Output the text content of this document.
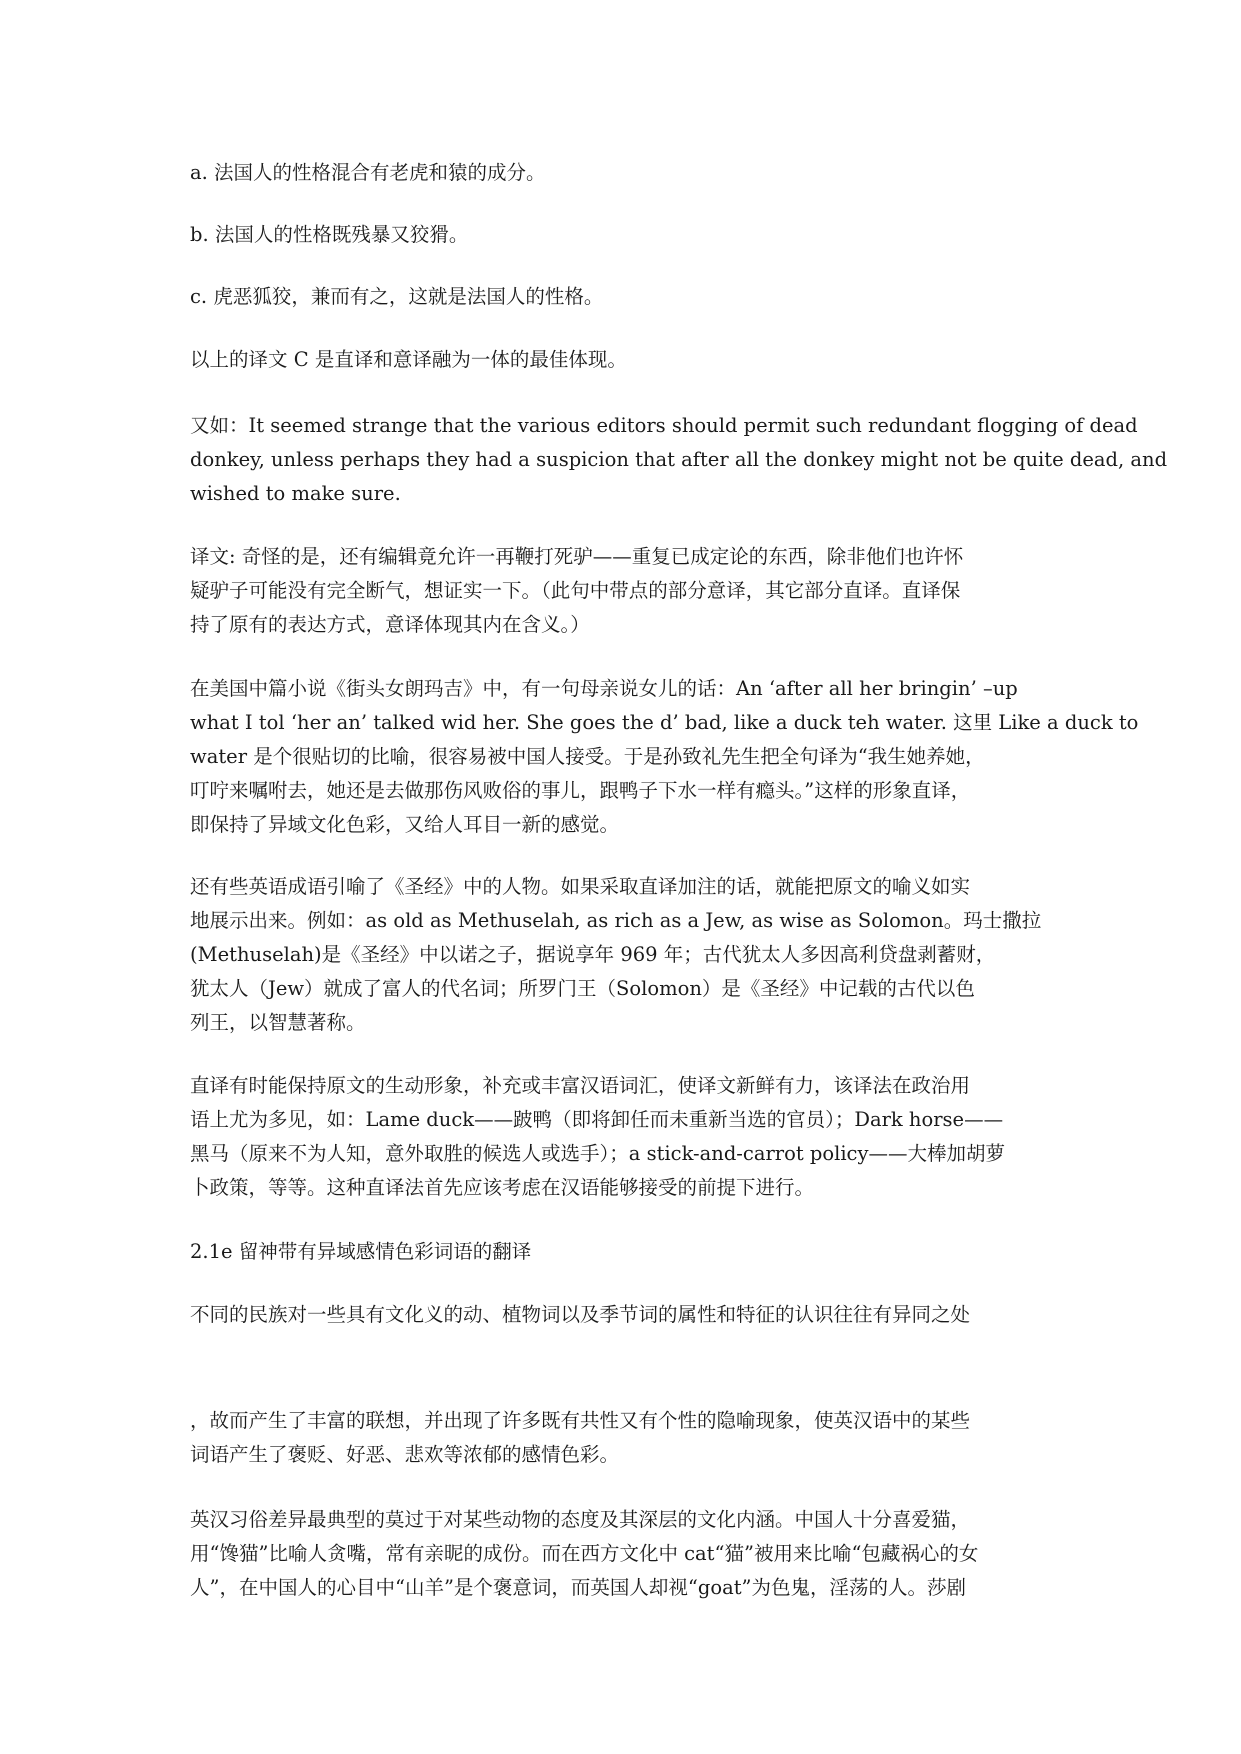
a. 法国人的性格混合有老虎和猿的成分。

b. 法国人的性格既残暴又狡猾。

c. 虎恶狐狡，兼而有之，这就是法国人的性格。

以上的译文 C 是直译和意译融为一体的最佳体现。

又如：It seemed strange that the various editors should permit such redundant flogging of dead
donkey, unless perhaps they had a suspicion that after all the donkey might not be quite dead, and
wished to make sure.

译文: 奇怪的是，还有编辑竟允许一再鞭打死驴——重复已成定论的东西，除非他们也许怀
疑驴子可能没有完全断气，想证实一下。（此句中带点的部分意译，其它部分直译。直译保
持了原有的表达方式，意译体现其内在含义。）

在美国中篇小说《街头女朗玛吉》中，有一句母亲说女儿的话：An ‘after all her bringin’ –up
what I tol ‘her an’ talked wid her. She goes the d’ bad, like a duck teh water. 这里 Like a duck to
water 是个很贴切的比喻，很容易被中国人接受。于是孙致礼先生把全句译为“我生她养她，
叮咛来嘱咐去，她还是去做那伤风败俗的事儿，跟鸭子下水一样有瘾头。”这样的形象直译，
即保持了异域文化色彩，又给人耳目一新的感觉。

还有些英语成语引喻了《圣经》中的人物。如果采取直译加注的话，就能把原文的喻义如实
地展示出来。例如：as old as Methuselah, as rich as a Jew, as wise as Solomon。玛士撒拉
(Methuselah)是《圣经》中以诺之子，据说享年 969 年；古代犹太人多因高利贷盘剥蓄财，
犹太人（Jew）就成了富人的代名词；所罗门王（Solomon）是《圣经》中记载的古代以色
列王，以智慧著称。

直译有时能保持原文的生动形象，补充或丰富汉语词汇，使译文新鲜有力，该译法在政治用
语上尤为多见，如：Lame duck——跛鸭（即将卸任而未重新当选的官员）；Dark horse——
黑马（原来不为人知，意外取胜的候选人或选手）；a stick-and-carrot policy——大棒加胡萝
卜政策，等等。这种直译法首先应该考虑在汉语能够接受的前提下进行。

2.1e 留神带有异域感情色彩词语的翻译

不同的民族对一些具有文化义的动、植物词以及季节词的属性和特征的认识往往有异同之处

，故而产生了丰富的联想，并出现了许多既有共性又有个性的隐喻现象，使英汉语中的某些
词语产生了褒贬、好恶、悲欢等浓郁的感情色彩。

英汉习俗差异最典型的莫过于对某些动物的态度及其深层的文化内涵。中国人十分喜爱猫，
用“馋猫”比喻人贪嘴，常有亲昵的成份。而在西方文化中 cat“猫”被用来比喻“包藏祸心的女
人”，在中国人的心目中“山羊”是个褒意词，而英国人却视“goat”为色鬼，淫荡的人。莎剧
